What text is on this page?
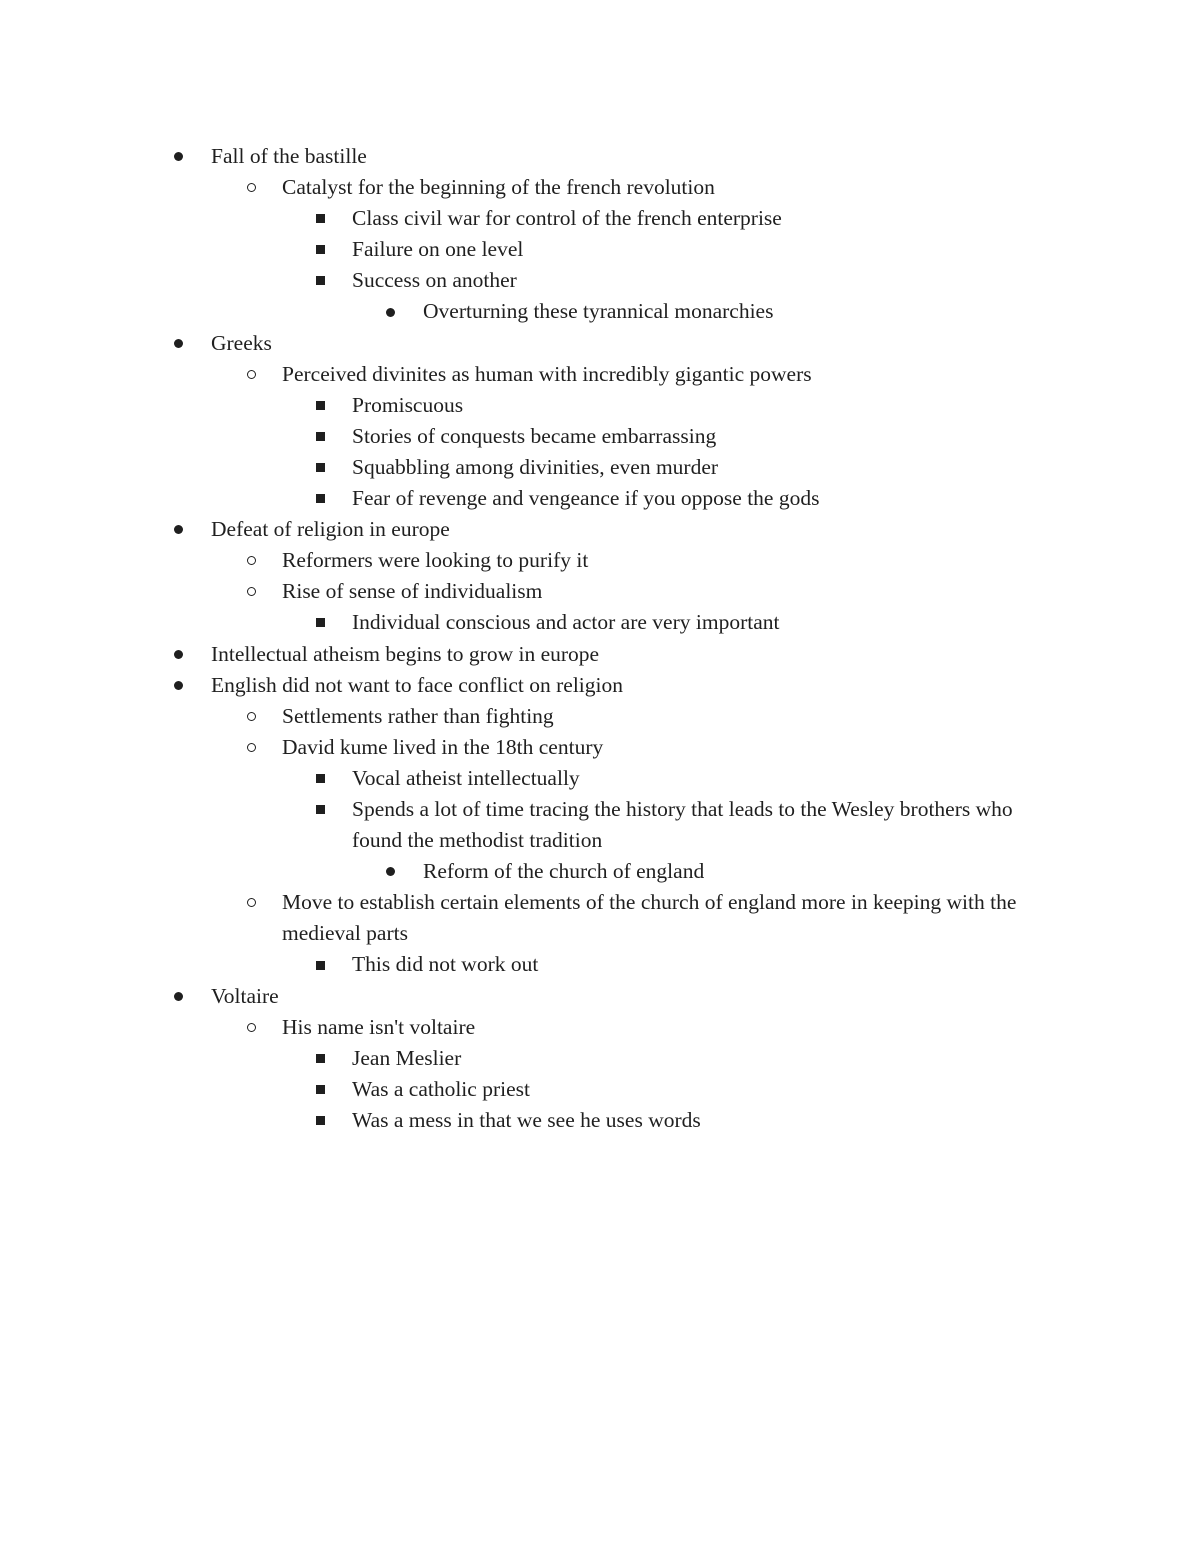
Fall of the bastille
Catalyst for the beginning of the french revolution
Class civil war for control of the french enterprise
Failure on one level
Success on another
Overturning these tyrannical monarchies
Greeks
Perceived divinites as human with incredibly gigantic powers
Promiscuous
Stories of conquests became embarrassing
Squabbling among divinities, even murder
Fear of revenge and vengeance if you oppose the gods
Defeat of religion in europe
Reformers were looking to purify it
Rise of sense of individualism
Individual conscious and actor are very important
Intellectual atheism begins to grow in europe
English did not want to face conflict on religion
Settlements rather than fighting
David kume lived in the 18th century
Vocal atheist intellectually
Spends a lot of time tracing the history that leads to the Wesley brothers who found the methodist tradition
Reform of the church of england
Move to establish certain elements of the church of england more in keeping with the medieval parts
This did not work out
Voltaire
His name isn't voltaire
Jean Meslier
Was a catholic priest
Was a mess in that we see he uses words
